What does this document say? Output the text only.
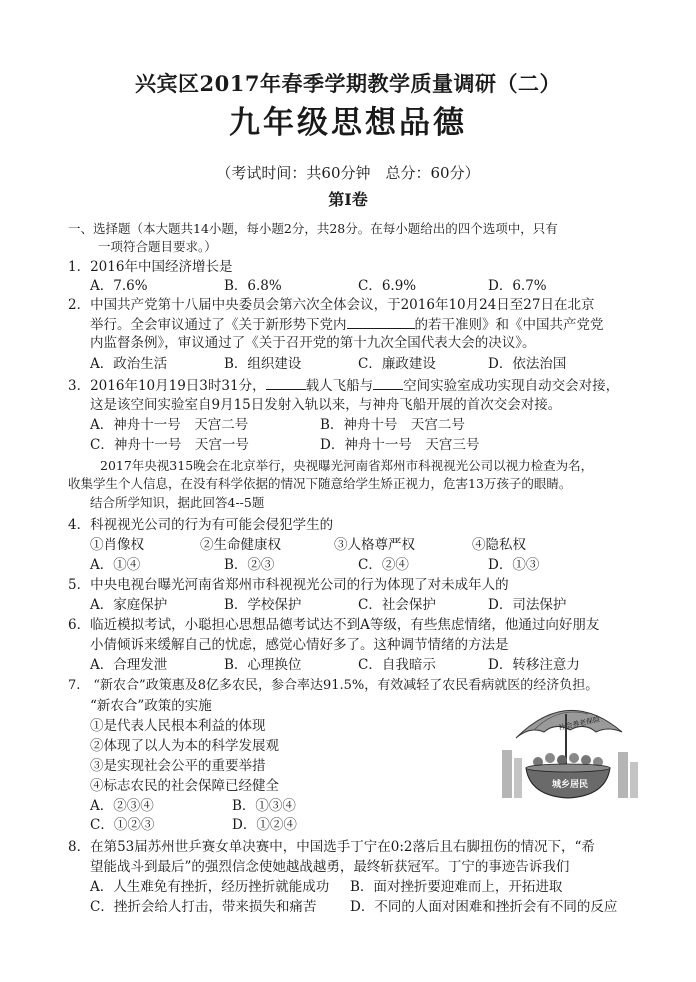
兴宾区2017年春季学期教学质量调研（二）
九年级思想品德
（考试时间：共60分钟　总分：60分）
第Ⅰ卷
一、选择题（本大题共14小题，每小题2分，共28分。在每小题给出的四个选项中，只有
一项符合题目要求。）
1．2016年中国经济增长是
A．7.6%	B．6.8%	C．6.9%	D．6.7%
2．中国共产党第十八届中央委员会第六次全体会议，于2016年10月24日至27日在北京
举行。全会审议通过了《关于新形势下党内	的若干准则》和《中国共产党党
内监督条例》，审议通过了《关于召开党的第十九次全国代表大会的决议》。
A．政治生活	B．组织建设	C．廉政建设	D．依法治国
3．2016年10月19日3时31分，	载人飞船与 空间实验室成功实现自动交会对接，
这是该空间实验室自9月15日发射入轨以来，与神舟飞船开展的首次交会对接。
A．神舟十一号　天宫二号	B．神舟十号　天宫二号
C．神舟十一号　天宫一号	D．神舟十一号　天宫三号
2017年央视315晚会在北京举行，央视曝光河南省郑州市科视视光公司以视力检查为名，
收集学生个人信息，在没有科学依据的情况下随意给学生矫正视力，危害13万孩子的眼睛。
结合所学知识，据此回答4--5题
4．科视视光公司的行为有可能会侵犯学生的
①肖像权	②生命健康权	③人格尊严权	④隐私权
A．①④	B．②③	C．②④	D．①③
5．中央电视台曝光河南省郑州市科视视光公司的行为体现了对未成年人的
A．家庭保护	B．学校保护	C．社会保护	D．司法保护
6．临近模拟考试，小聪担心思想品德考试达不到A等级，有些焦虑情绪，他通过向好朋友
小倩倾诉来缓解自己的忧虑，感觉心情好多了。这种调节情绪的方法是
A．合理发泄	B．心理换位	C．自我暗示	D．转移注意力
7.　“新农合”政策惠及8亿多农民，参合率达91.5%，有效减轻了农民看病就医的经济负担。
“新农合”政策的实施
①是代表人民根本利益的体现
②体现了以人为本的科学发展观
③是实现社会公平的重要举措
④标志农民的社会保障已经健全
A．②③④	B．①③④
C．①②③	D．①②④
社会养老保险
城乡居民
8．在第53届苏州世乒赛女单决赛中，中国选手丁宁在0:2落后且右脚扭伤的情况下，“希
望能战斗到最后”的强烈信念使她越战越勇，最终斩获冠军。丁宁的事迹告诉我们
A．人生难免有挫折，经历挫折就能成功 B．面对挫折要迎难而上，开拓进取
C．挫折会给人打击，带来损失和痛苦 D．不同的人面对困难和挫折会有不同的反应
